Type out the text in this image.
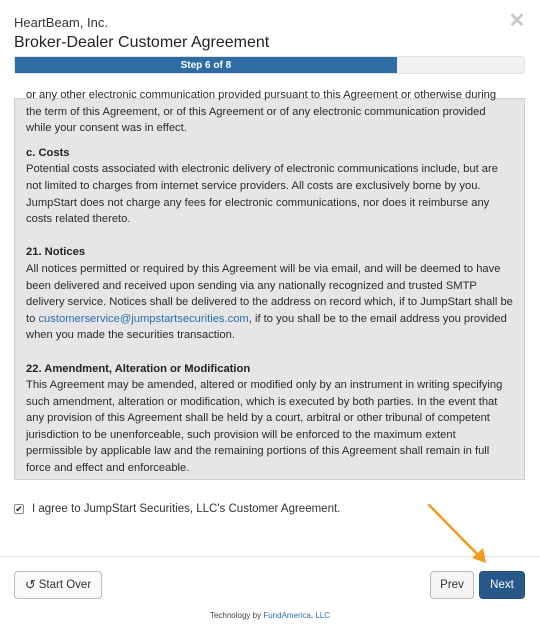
HeartBeam, Inc.
Broker-Dealer Customer Agreement
✕
Step 6 of 8

or any other electronic communication provided pursuant to this Agreement or otherwise during the term of this Agreement, or of this Agreement or of any electronic communication provided while your consent was in effect.

c. Costs

Potential costs associated with electronic delivery of electronic communications include, but are not limited to charges from internet service providers. All costs are exclusively borne by you. JumpStart does not charge any fees for electronic communications, nor does it reimburse any costs related thereto.

21. Notices

All notices permitted or required by this Agreement will be via email, and will be deemed to have been delivered and received upon sending via any nationally recognized and trusted SMTP delivery service. Notices shall be delivered to the address on record which, if to JumpStart shall be to customerservice@jumpstartsecurities.com, if to you shall be to the email address you provided when you made the securities transaction.

22. Amendment, Alteration or Modification

This Agreement may be amended, altered or modified only by an instrument in writing specifying such amendment, alteration or modification, which is executed by both parties. In the event that any provision of this Agreement shall be held by a court, arbitral or other tribunal of competent jurisdiction to be unenforceable, such provision will be enforced to the maximum extent permissible by applicable law and the remaining portions of this Agreement shall remain in full force and effect and enforceable.

✔ I agree to JumpStart Securities, LLC's Customer Agreement.
↺ Start Over	Prev	Next
Technology by FundAmerica, LLC
